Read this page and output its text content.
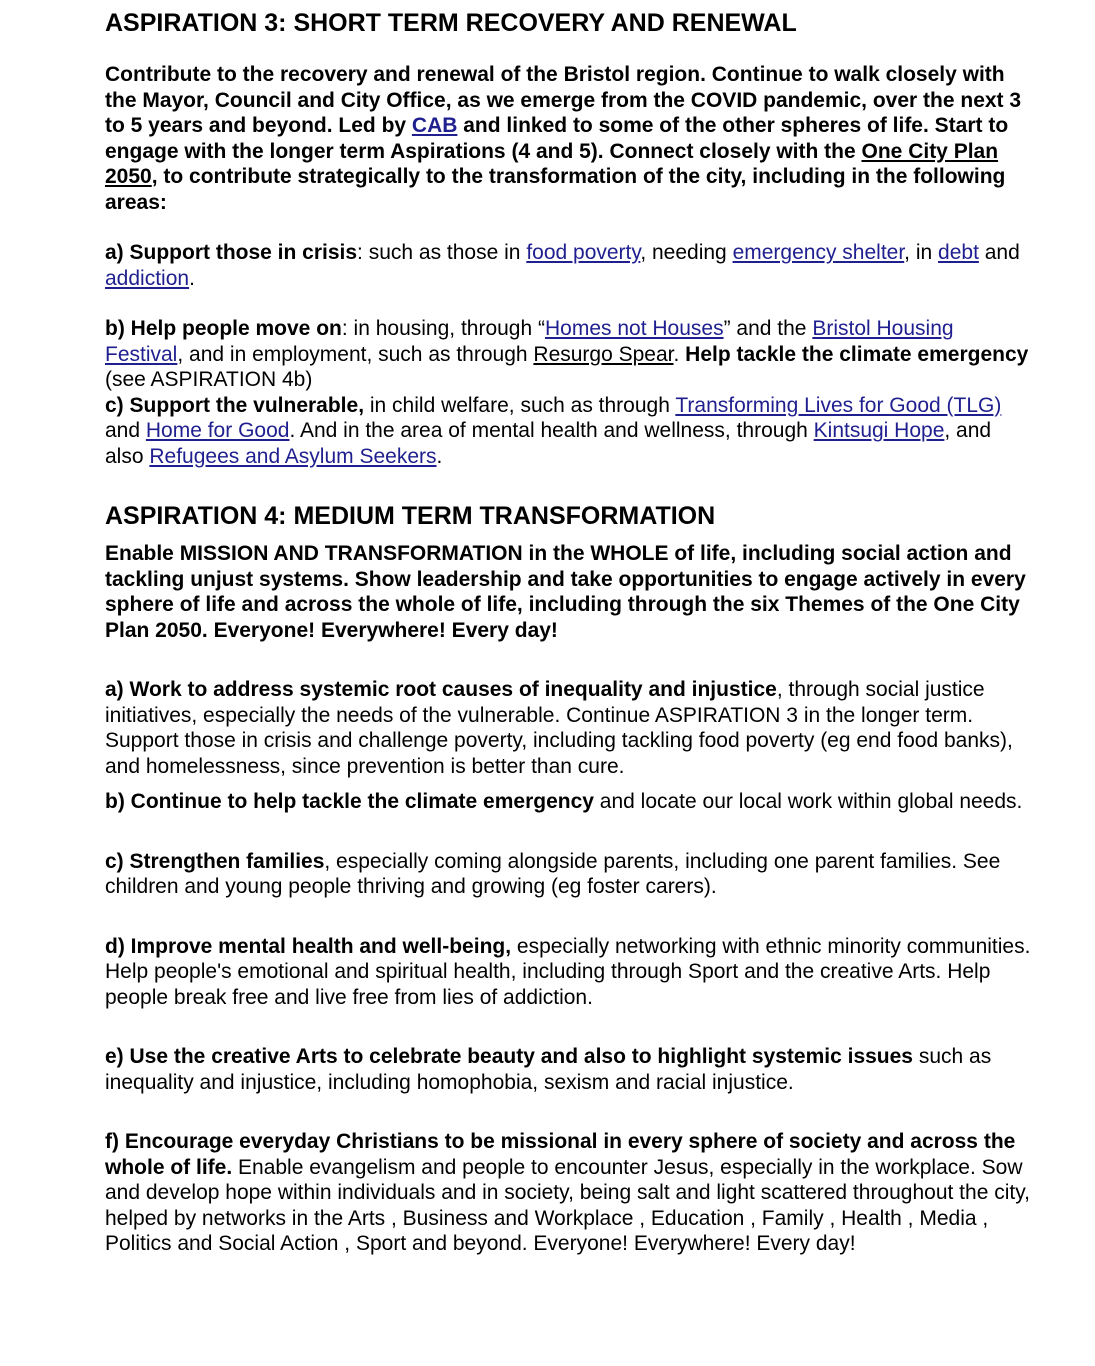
ASPIRATION 3: SHORT TERM RECOVERY AND RENEWAL

Contribute to the recovery and renewal of the Bristol region. Continue to walk closely with the Mayor, Council and City Office, as we emerge from the COVID pandemic, over the next 3 to 5 years and beyond. Led by CAB and linked to some of the other spheres of life. Start to engage with the longer term Aspirations (4 and 5). Connect closely with the One City Plan 2050, to contribute strategically to the transformation of the city, including in the following areas:

a) Support those in crisis: such as those in food poverty, needing emergency shelter, in debt and addiction.

b) Help people move on: in housing, through “Homes not Houses” and the Bristol Housing Festival, and in employment, such as through Resurgo Spear. Help tackle the climate emergency (see ASPIRATION 4b)

c) Support the vulnerable, in child welfare, such as through Transforming Lives for Good (TLG) and Home for Good. And in the area of mental health and wellness, through Kintsugi Hope, and also Refugees and Asylum Seekers.

ASPIRATION 4: MEDIUM TERM TRANSFORMATION

Enable MISSION AND TRANSFORMATION in the WHOLE of life, including social action and tackling unjust systems. Show leadership and take opportunities to engage actively in every sphere of life and across the whole of life, including through the six Themes of the One City Plan 2050. Everyone! Everywhere! Every day!

a) Work to address systemic root causes of inequality and injustice, through social justice initiatives, especially the needs of the vulnerable. Continue ASPIRATION 3 in the longer term. Support those in crisis and challenge poverty, including tackling food poverty (eg end food banks), and homelessness, since prevention is better than cure.

b) Continue to help tackle the climate emergency and locate our local work within global needs.

c) Strengthen families, especially coming alongside parents, including one parent families. See children and young people thriving and growing (eg foster carers).

d) Improve mental health and well-being, especially networking with ethnic minority communities. Help people's emotional and spiritual health, including through Sport and the creative Arts. Help people break free and live free from lies of addiction.

e) Use the creative Arts to celebrate beauty and also to highlight systemic issues such as inequality and injustice, including homophobia, sexism and racial injustice.

f) Encourage everyday Christians to be missional in every sphere of society and across the whole of life. Enable evangelism and people to encounter Jesus, especially in the workplace. Sow and develop hope within individuals and in society, being salt and light scattered throughout the city, helped by networks in the Arts , Business and Workplace , Education , Family , Health , Media , Politics and Social Action , Sport and beyond. Everyone! Everywhere! Every day!
